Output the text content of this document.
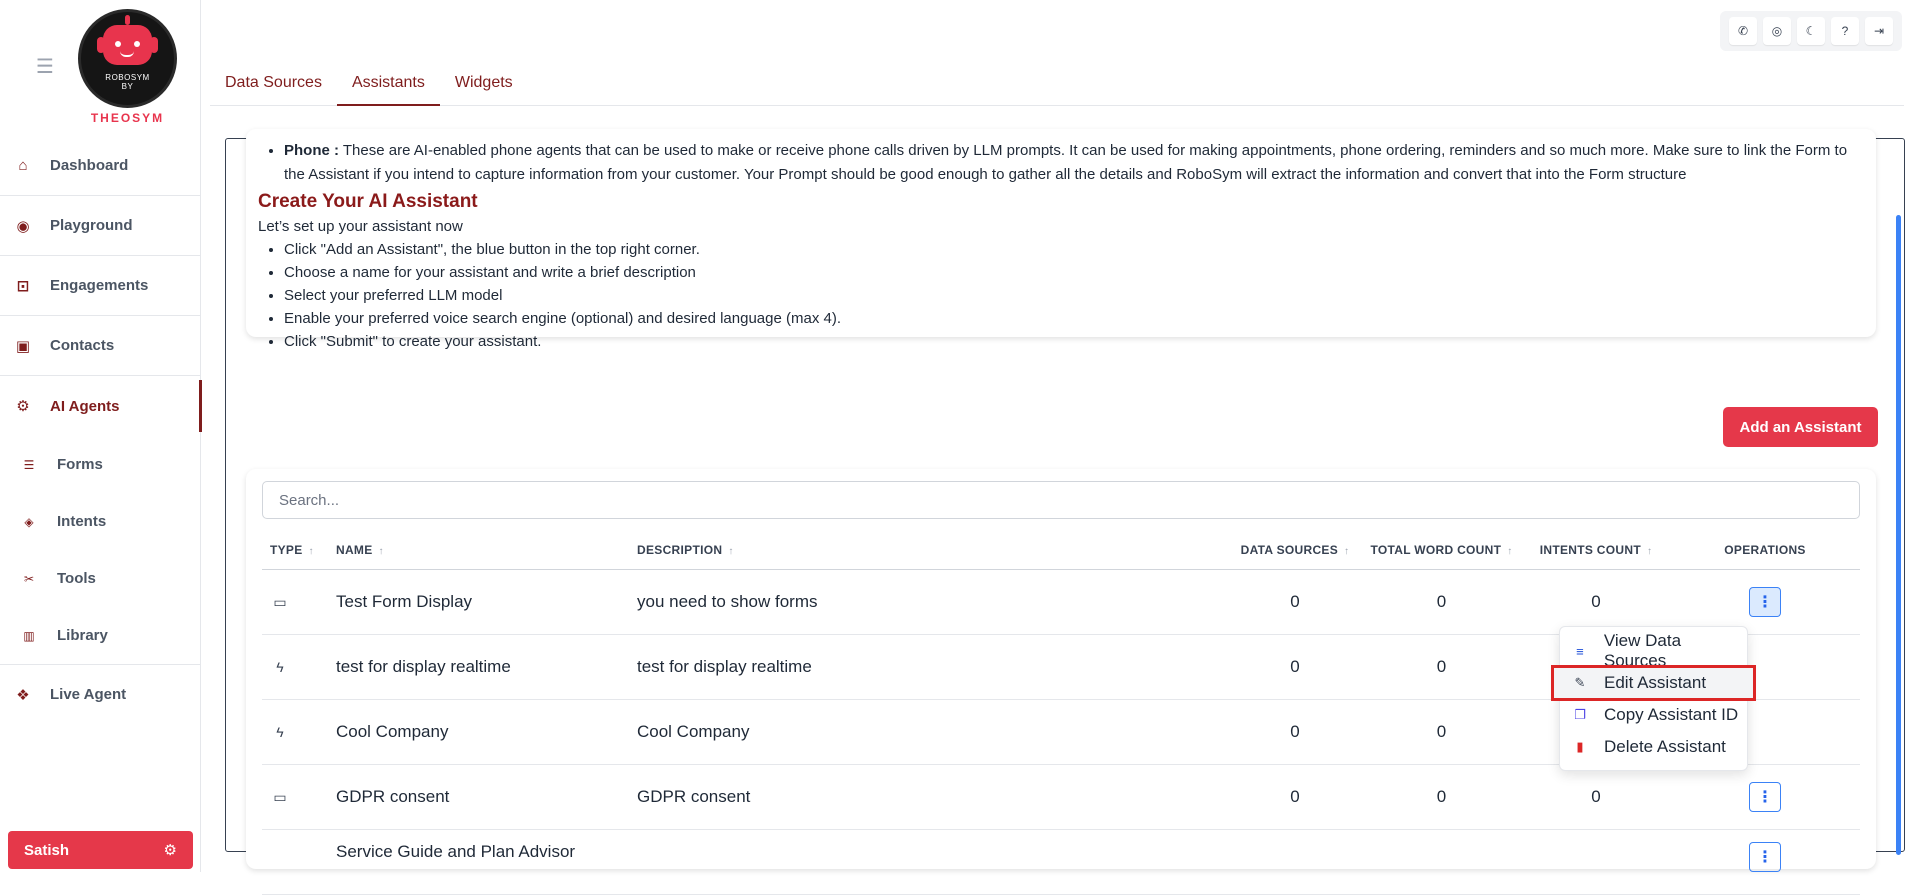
☰	ROBOSYM
BY
THEOSYM
⌂	Dashboard
◉ Playground
⊡	Engagements
▣ Contacts
⚙ AI Agents
☰ Forms
◈ Intents
✂ Tools
▥ Library
❖ Live Agent
Satish	⚙
✆	◎	☾	?	⇥
Data Sources	Assistants	Widgets
• Phone : These are AI-enabled phone agents that can be used to make or receive phone calls driven by LLM prompts. It can be used for making appointments, phone ordering, reminders and so much more. Make sure to link the Form to the Assistant if you intend to capture information from your customer. Your Prompt should be good enough to gather all the details and RoboSym will extract the information and convert that into the Form structure
Create Your AI Assistant
Let’s set up your assistant now
• Click "Add an Assistant", the blue button in the top right corner.
• Choose a name for your assistant and write a brief description
• Select your preferred LLM model
• Enable your preferred voice search engine (optional) and desired language (max 4).
• Click "Submit" to create your assistant.
Add an Assistant
Search...
TYPE ↑	NAME ↑	DESCRIPTION ↑	DATA SOURCES ↑	TOTAL WORD COUNT ↑	INTENTS COUNT ↑	OPERATIONS
▭	Test Form Display	you need to show forms	0	0	0	⋮
ϟ	test for display realtime	test for display realtime	0	0		
ϟ	Cool Company	Cool Company	0	0		
▭	GDPR consent	GDPR consent	0	0	0	⋮
	Service Guide and Plan Advisor					⋮
≡
View Data Sources
✎ Edit Assistant
❐ Copy Assistant ID
▮ Delete Assistant
